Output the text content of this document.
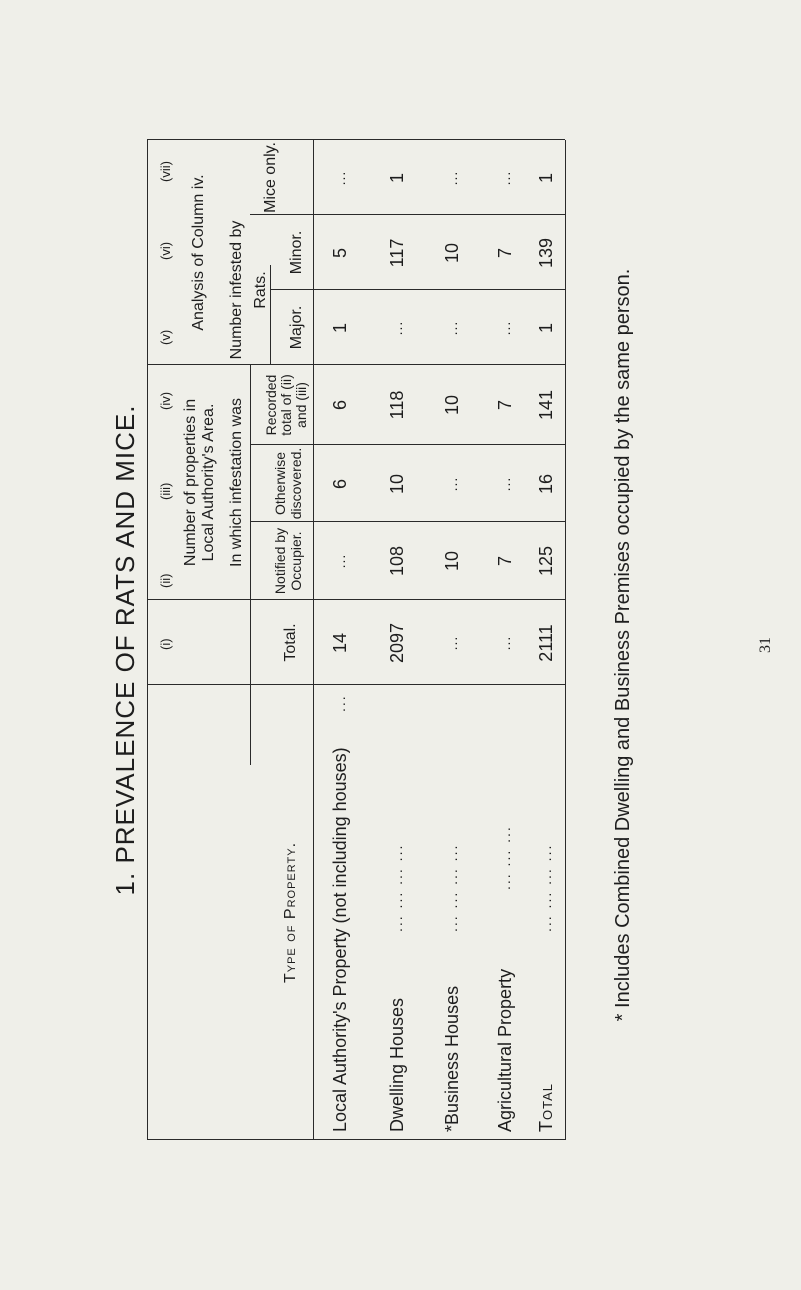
1. PREVALENCE OF RATS AND MICE. (i)
(ii)
(iii)
(iv)
(v)
(vi)
(vii)
Type of Property.
Total.
Number of properties in Local Authority's Area. In which infestation was Notified by Occupier.
Otherwise discovered.
Recorded total of (ii) and (iii)
Analysis of Column iv. Number infested by Rats.
Major.
Minor.
Mice only.
Local Authority's Property (not including houses)
...
Dwelling Houses
... ... ... ...
*Business Houses
... ... ... ...
Agricultural Property
... ... ...
Total
... ... ... ...
14
...
6
6
1
5
...
2097
108
10
118
...
117
1
...
10
...
10
...
10
...
...
7
...
7
...
7
...
2111
125
16
141
1
139
1
* Includes Combined Dwelling and Business Premises occupied by the same person.	31
